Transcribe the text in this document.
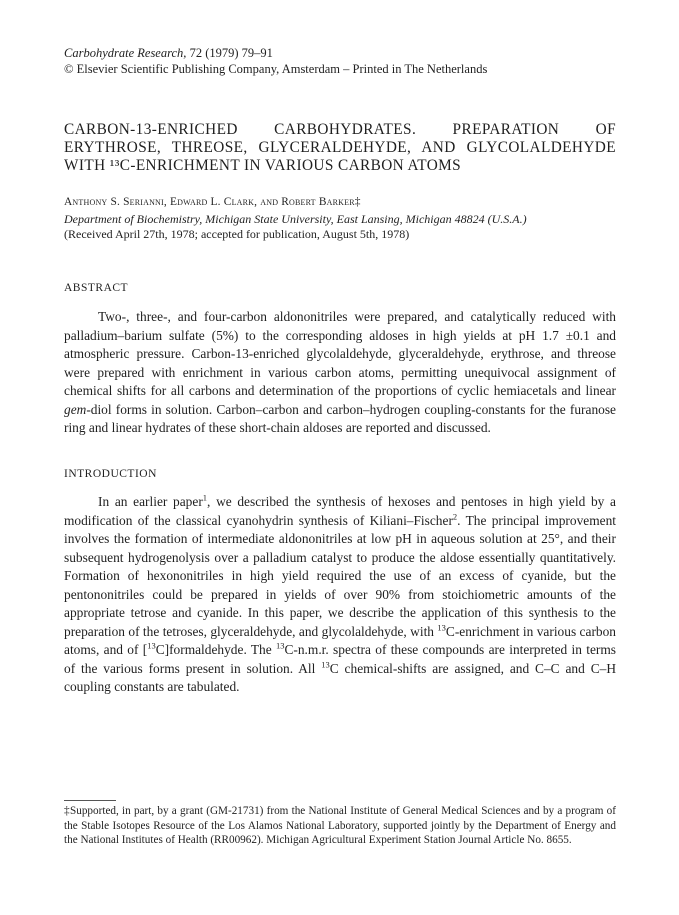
Carbohydrate Research, 72 (1979) 79–91
© Elsevier Scientific Publishing Company, Amsterdam – Printed in The Netherlands
CARBON-13-ENRICHED CARBOHYDRATES. PREPARATION OF ERYTHROSE, THREOSE, GLYCERALDEHYDE, AND GLYCOLALDEHYDE WITH ¹³C-ENRICHMENT IN VARIOUS CARBON ATOMS
Anthony S. Serianni, Edward L. Clark, and Robert Barker‡
Department of Biochemistry, Michigan State University, East Lansing, Michigan 48824 (U.S.A.)
(Received April 27th, 1978; accepted for publication, August 5th, 1978)
ABSTRACT

Two-, three-, and four-carbon aldononitriles were prepared, and catalytically reduced with palladium–barium sulfate (5%) to the corresponding aldoses in high yields at pH 1.7 ±0.1 and atmospheric pressure. Carbon-13-enriched glycolaldehyde, glyceraldehyde, erythrose, and threose were prepared with enrichment in various carbon atoms, permitting unequivocal assignment of chemical shifts for all carbons and determination of the proportions of cyclic hemiacetals and linear gem-diol forms in solution. Carbon–carbon and carbon–hydrogen coupling-constants for the furanose ring and linear hydrates of these short-chain aldoses are reported and discussed.

INTRODUCTION

In an earlier paper$^1$, we described the synthesis of hexoses and pentoses in high yield by a modification of the classical cyanohydrin synthesis of Kiliani–Fischer$^2$. The principal improvement involves the formation of intermediate aldononitriles at low pH in aqueous solution at 25°, and their subsequent hydrogenolysis over a palladium catalyst to produce the aldose essentially quantitatively. Formation of hexononitriles in high yield required the use of an excess of cyanide, but the pentononitriles could be prepared in yields of over 90% from stoichiometric amounts of the appropriate tetrose and cyanide. In this paper, we describe the application of this synthesis to the preparation of the tetroses, glyceraldehyde, and glycolaldehyde, with $^{13}$C-enrichment in various carbon atoms, and of [$^{13}$C]formaldehyde. The $^{13}$C-n.m.r. spectra of these compounds are interpreted in terms of the various forms present in solution. All $^{13}$C chemical-shifts are assigned, and C–C and C–H coupling constants are tabulated.

‡Supported, in part, by a grant (GM-21731) from the National Institute of General Medical Sciences and by a program of the Stable Isotopes Resource of the Los Alamos National Laboratory, supported jointly by the Department of Energy and the National Institutes of Health (RR00962). Michigan Agricultural Experiment Station Journal Article No. 8655.
